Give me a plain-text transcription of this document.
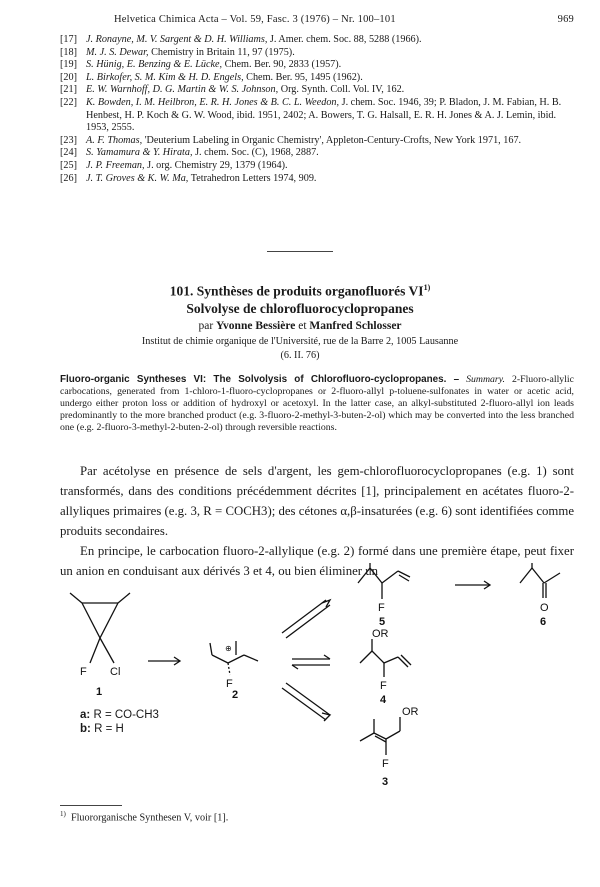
Helvetica Chimica Acta – Vol. 59, Fasc. 3 (1976) – Nr. 100–101	969
[17] J. Ronayne, M. V. Sargent & D. H. Williams, J. Amer. chem. Soc. 88, 5288 (1966).
[18] M. J. S. Dewar, Chemistry in Britain 11, 97 (1975).
[19] S. Hünig, E. Benzing & E. Lücke, Chem. Ber. 90, 2833 (1957).
[20] L. Birkofer, S. M. Kim & H. D. Engels, Chem. Ber. 95, 1495 (1962).
[21] E. W. Warnhoff, D. G. Martin & W. S. Johnson, Org. Synth. Coll. Vol. IV, 162.
[22] K. Bowden, I. M. Heilbron, E. R. H. Jones & B. C. L. Weedon, J. chem. Soc. 1946, 39; P. Bladon, J. M. Fabian, H. B. Henbest, H. P. Koch & G. W. Wood, ibid. 1951, 2402; A. Bowers, T. G. Halsall, E. R. H. Jones & A. J. Lemin, ibid. 1953, 2555.
[23] A. F. Thomas, 'Deuterium Labeling in Organic Chemistry', Appleton-Century-Crofts, New York 1971, 167.
[24] S. Yamamura & Y. Hirata, J. chem. Soc. (C), 1968, 2887.
[25] J. P. Freeman, J. org. Chemistry 29, 1379 (1964).
[26] J. T. Groves & K. W. Ma, Tetrahedron Letters 1974, 909.
101. Synthèses de produits organofluorés VI$^{1)}$
Solvolyse de chlorofluorocyclopropanes
par Yvonne Bessière et Manfred Schlosser
Institut de chimie organique de l'Université, rue de la Barre 2, 1005 Lausanne
(6. II. 76)
Fluoro-organic Syntheses VI: The Solvolysis of Chlorofluoro-cyclopropanes. – Summary. 2-Fluoro-allylic carbocations, generated from 1-chloro-1-fluoro-cyclopropanes or 2-fluoro-allyl p-toluene-sulfonates in water or acetic acid, undergo either proton loss or addition of hydroxyl or acetoxyl. In the latter case, an alkyl-substituted 2-fluoro-allyl ion leads predominantly to the more branched product (e.g. 3-fluoro-2-methyl-3-buten-2-ol) which may be converted into the less branched one (e.g. 2-fluoro-3-methyl-2-buten-2-ol) through reversible reactions.

Par acétolyse en présence de sels d'argent, les gem-chlorofluorocyclopropanes (e.g. 1) sont transformés, dans des conditions précédemment décrites [1], principalement en acétates fluoro-2-allyliques primaires (e.g. 3, R = COCH3); des cétones α,β-insaturées (e.g. 6) sont identifiées comme produits secondaires.

En principe, le carbocation fluoro-2-allylique (e.g. 2) formé dans une première étape, peut fixer un anion en conduisant aux dérivés 3 et 4, ou bien éliminer un

F Cl
1
⊕
F
2
F
5
O
6
OR
F
4
OR
F
3
a: R = CO-CH3
b: R = H
$^{1)}$ Fluororganische Synthesen V, voir [1].
